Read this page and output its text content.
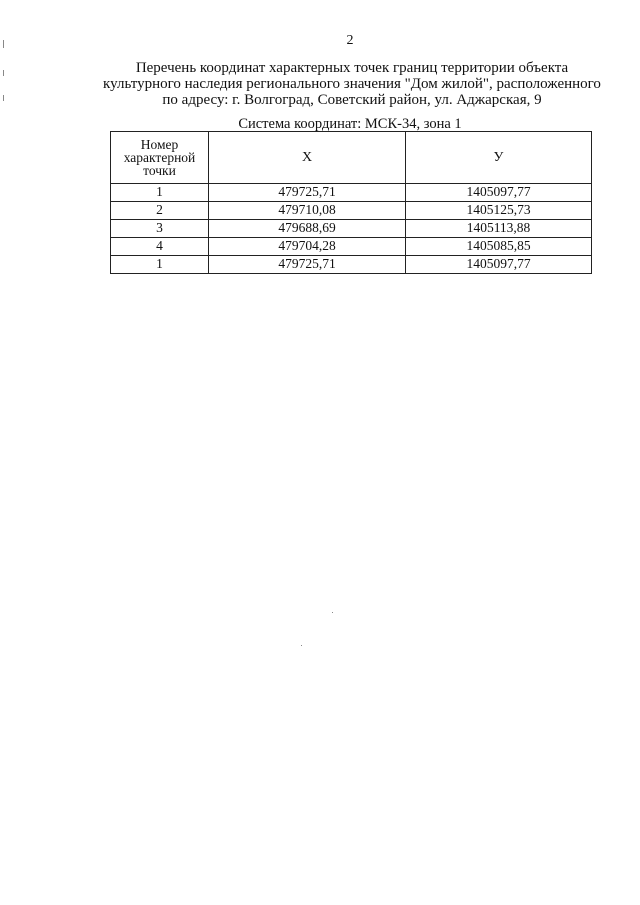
2
Перечень координат характерных точек границ территории объекта
культурного наследия регионального значения "Дом жилой", расположенного
по адресу: г. Волгоград, Советский район, ул. Аджарская, 9
Система координат: МСК-34, зона 1
Номер характерной точки	X	У
1	479725,71	1405097,77
2	479710,08	1405125,73
3	479688,69	1405113,88
4	479704,28	1405085,85
1	479725,71	1405097,77
